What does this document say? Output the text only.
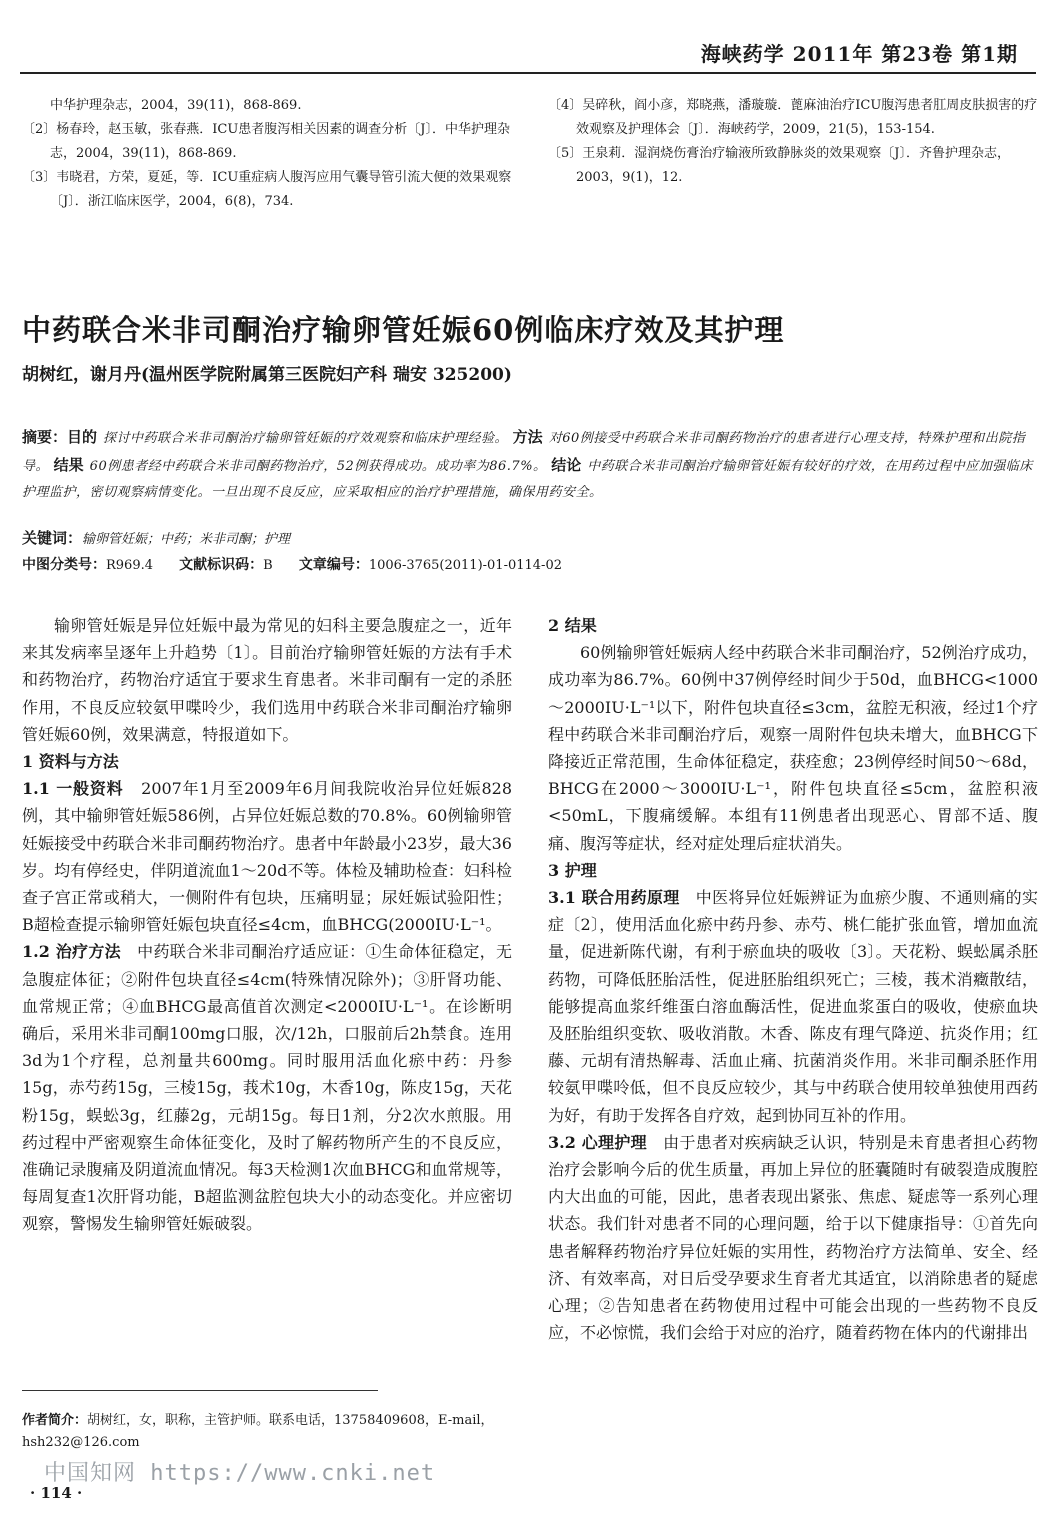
海峡药学 2011年 第23卷 第1期

中华护理杂志，2004，39(11)，868-869.

〔2〕杨春玲，赵玉敏，张春燕．ICU患者腹泻相关因素的调查分析〔J〕．中华护理杂志，2004，39(11)，868-869.

〔3〕韦晓君，方荣，夏延，等．ICU重症病人腹泻应用气囊导管引流大便的效果观察〔J〕．浙江临床医学，2004，6(8)，734.

〔4〕吴碎秋，阎小彦，郑晓燕，潘璇璇．蓖麻油治疗ICU腹泻患者肛周皮肤损害的疗效观察及护理体会〔J〕．海峡药学，2009，21(5)，153-154.

〔5〕王泉莉．湿润烧伤膏治疗输液所致静脉炎的效果观察〔J〕．齐鲁护理杂志，2003，9(1)，12.

中药联合米非司酮治疗输卵管妊娠60例临床疗效及其护理
胡树红，谢月丹(温州医学院附属第三医院妇产科 瑞安 325200)

摘要：目的 探讨中药联合米非司酮治疗输卵管妊娠的疗效观察和临床护理经验。 方法 对60例接受中药联合米非司酮药物治疗的患者进行心理支持，特殊护理和出院指导。 结果 60例患者经中药联合米非司酮药物治疗，52例获得成功。成功率为86.7%。 结论 中药联合米非司酮治疗输卵管妊娠有较好的疗效，在用药过程中应加强临床护理监护，密切观察病情变化。一旦出现不良反应，应采取相应的治疗护理措施，确保用药安全。

关键词：输卵管妊娠；中药；米非司酮；护理
中图分类号：R969.4 文献标识码：B 文章编号：1006-3765(2011)-01-0114-02

输卵管妊娠是异位妊娠中最为常见的妇科主要急腹症之一，近年来其发病率呈逐年上升趋势〔1〕。目前治疗输卵管妊娠的方法有手术和药物治疗，药物治疗适宜于要求生育患者。米非司酮有一定的杀胚作用，不良反应较氨甲喋呤少，我们选用中药联合米非司酮治疗输卵管妊娠60例，效果满意，特报道如下。

1 资料与方法

1.1 一般资料 2007年1月至2009年6月间我院收治异位妊娠828例，其中输卵管妊娠586例，占异位妊娠总数的70.8%。60例输卵管妊娠接受中药联合米非司酮药物治疗。患者中年龄最小23岁，最大36岁。均有停经史，伴阴道流血1～20d不等。体检及辅助检查：妇科检查子宫正常或稍大，一侧附件有包块，压痛明显；尿妊娠试验阳性；B超检查提示输卵管妊娠包块直径≤4cm，血BHCG(2000IU·L⁻¹。

1.2 治疗方法 中药联合米非司酮治疗适应证：①生命体征稳定，无急腹症体征；②附件包块直径≤4cm(特殊情况除外)；③肝肾功能、血常规正常；④血BHCG最高值首次测定<2000IU·L⁻¹。在诊断明确后，采用米非司酮100mg口服，次/12h，口服前后2h禁食。连用3d为1个疗程，总剂量共600mg。同时服用活血化瘀中药：丹参15g，赤芍药15g，三棱15g，莪术10g，木香10g，陈皮15g，天花粉15g，蜈蚣3g，红藤2g，元胡15g。每日1剂，分2次水煎服。用药过程中严密观察生命体征变化，及时了解药物所产生的不良反应，准确记录腹痛及阴道流血情况。每3天检测1次血BHCG和血常规等，每周复查1次肝肾功能，B超监测盆腔包块大小的动态变化。并应密切观察，警惕发生输卵管妊娠破裂。

2 结果

60例输卵管妊娠病人经中药联合米非司酮治疗，52例治疗成功，成功率为86.7%。60例中37例停经时间少于50d，血BHCG<1000～2000IU·L⁻¹以下，附件包块直径≤3cm，盆腔无积液，经过1个疗程中药联合米非司酮治疗后，观察一周附件包块未增大，血BHCG下降接近正常范围，生命体征稳定，获痊愈；23例停经时间50～68d，BHCG在2000～3000IU·L⁻¹，附件包块直径≤5cm，盆腔积液<50mL，下腹痛缓解。本组有11例患者出现恶心、胃部不适、腹痛、腹泻等症状，经对症处理后症状消失。

3 护理

3.1 联合用药原理 中医将异位妊娠辨证为血瘀少腹、不通则痛的实症〔2〕，使用活血化瘀中药丹参、赤芍、桃仁能扩张血管，增加血流量，促进新陈代谢，有利于瘀血块的吸收〔3〕。天花粉、蜈蚣属杀胚药物，可降低胚胎活性，促进胚胎组织死亡；三棱，莪术消癥散结，能够提高血浆纤维蛋白溶血酶活性，促进血浆蛋白的吸收，使瘀血块及胚胎组织变软、吸收消散。木香、陈皮有理气降逆、抗炎作用；红藤、元胡有清热解毒、活血止痛、抗菌消炎作用。米非司酮杀胚作用较氨甲喋呤低，但不良反应较少，其与中药联合使用较单独使用西药为好，有助于发挥各自疗效，起到协同互补的作用。

3.2 心理护理 由于患者对疾病缺乏认识，特别是未育患者担心药物治疗会影响今后的优生质量，再加上异位的胚囊随时有破裂造成腹腔内大出血的可能，因此，患者表现出紧张、焦虑、疑虑等一系列心理状态。我们针对患者不同的心理问题，给于以下健康指导：①首先向患者解释药物治疗异位妊娠的实用性，药物治疗方法简单、安全、经济、有效率高，对日后受孕要求生育者尤其适宜，以消除患者的疑虑心理；②告知患者在药物使用过程中可能会出现的一些药物不良反应，不必惊慌，我们会给于对应的治疗，随着药物在体内的代谢排出

作者简介：胡树红，女，职称，主管护师。联系电话，13758409608，E-mail，hsh232@126.com
中国知网 https://www.cnki.net
· 114 ·
